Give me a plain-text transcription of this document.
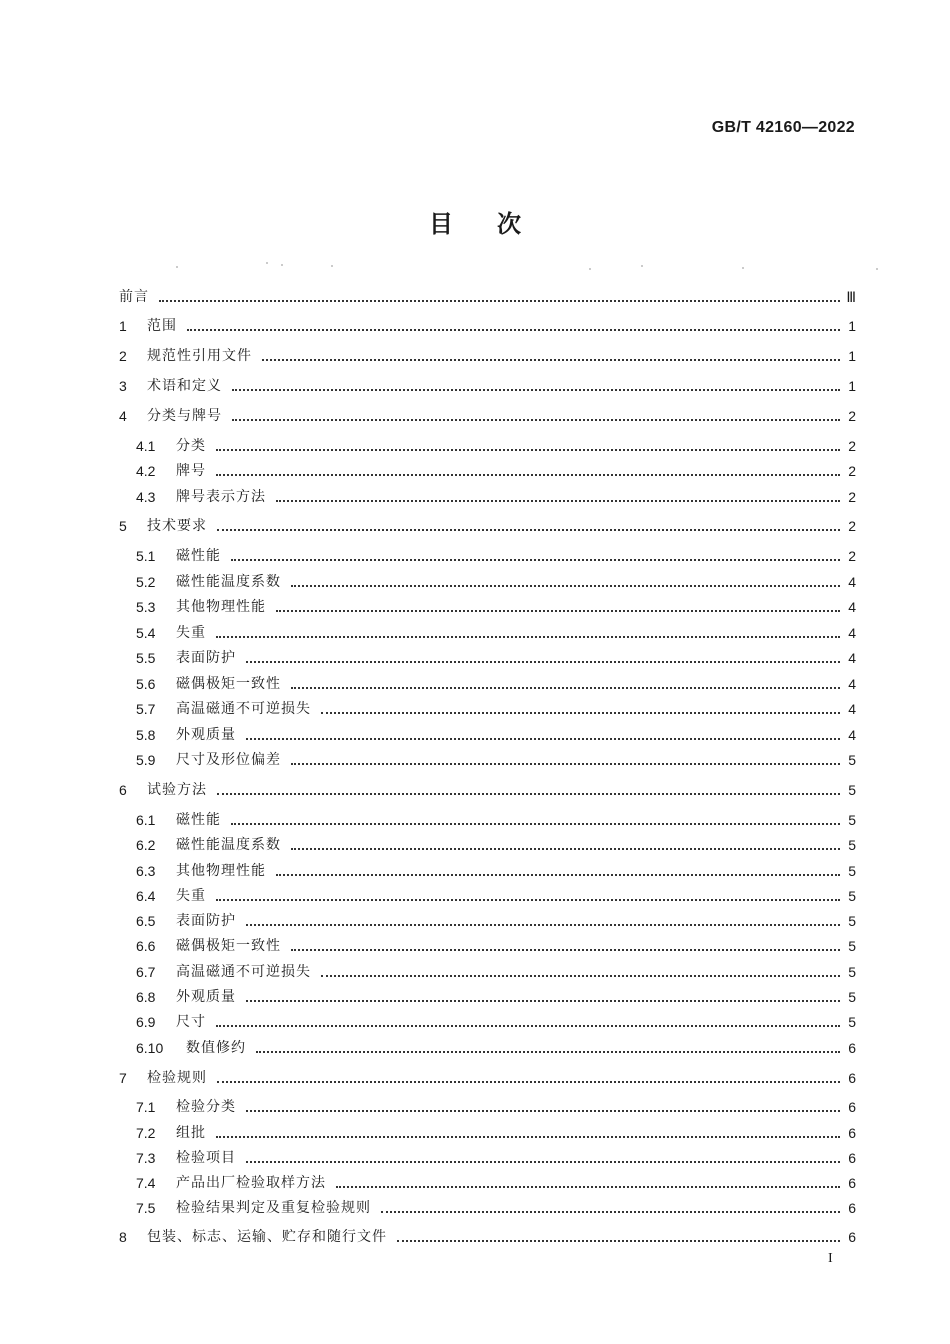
GB/T 42160—2022
目次
前言	Ⅲ
1	范围	1
2	规范性引用文件	1
3	术语和定义	1
4	分类与牌号	2
4.1	分类	2
4.2	牌号	2
4.3	牌号表示方法	2
5	技术要求	2
5.1	磁性能	2
5.2	磁性能温度系数	4
5.3	其他物理性能	4
5.4	失重	4
5.5	表面防护	4
5.6	磁偶极矩一致性	4
5.7	高温磁通不可逆损失	4
5.8	外观质量	4
5.9	尺寸及形位偏差	5
6	试验方法	5
6.1	磁性能	5
6.2	磁性能温度系数	5
6.3	其他物理性能	5
6.4	失重	5
6.5	表面防护	5
6.6	磁偶极矩一致性	5
6.7	高温磁通不可逆损失	5
6.8	外观质量	5
6.9	尺寸	5
6.10	数值修约	6
7	检验规则	6
7.1	检验分类	6
7.2	组批	6
7.3	检验项目	6
7.4	产品出厂检验取样方法	6
7.5	检验结果判定及重复检验规则	6
8	包装、标志、运输、贮存和随行文件	6
I
